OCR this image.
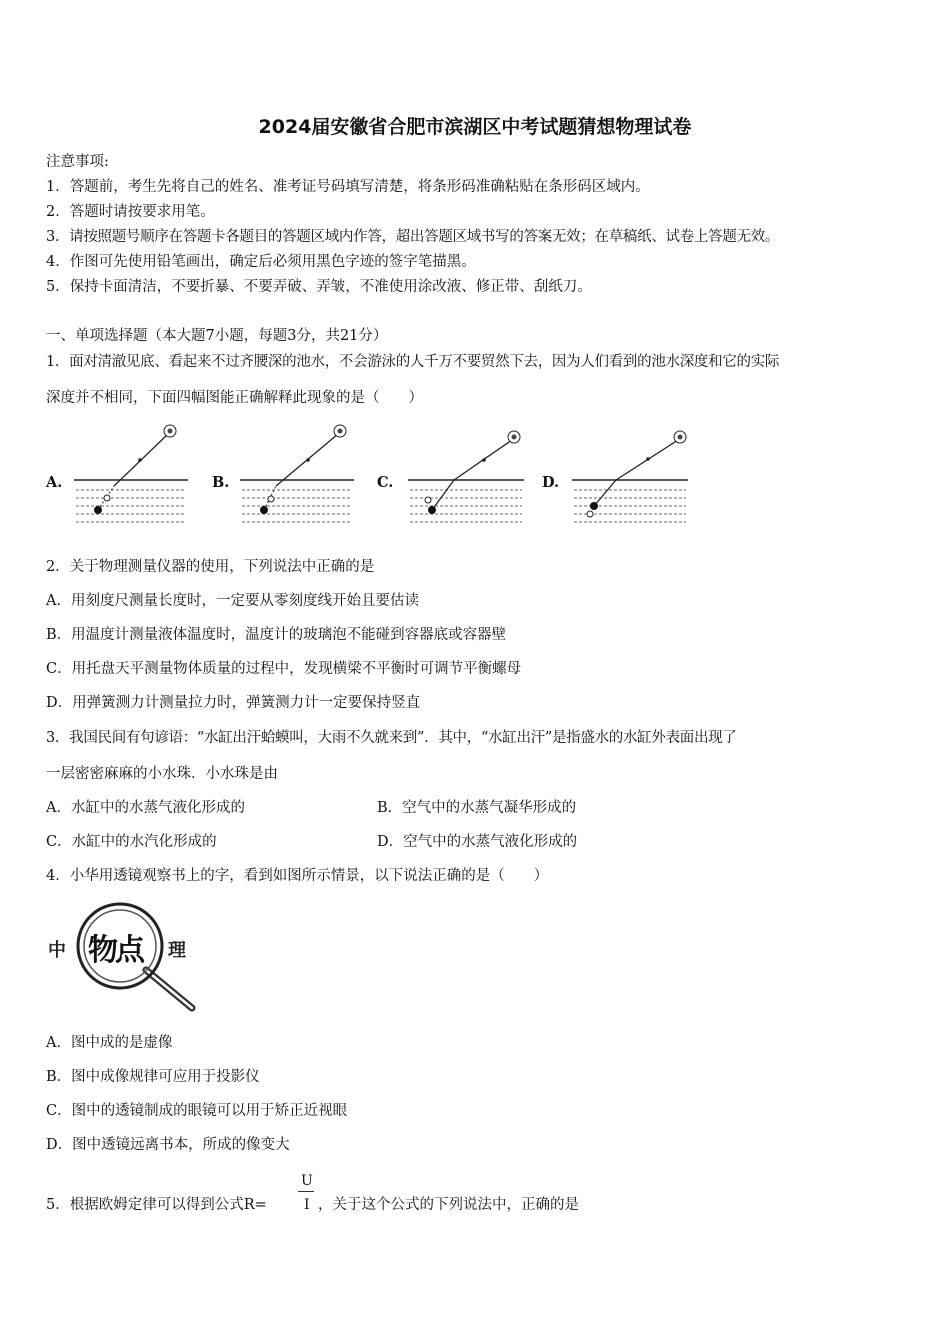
2024届安徽省合肥市滨湖区中考试题猜想物理试卷
注意事项:
1．答题前，考生先将自己的姓名、准考证号码填写清楚，将条形码准确粘贴在条形码区域内。
2．答题时请按要求用笔。
3．请按照题号顺序在答题卡各题目的答题区域内作答，超出答题区域书写的答案无效；在草稿纸、试卷上答题无效。
4．作图可先使用铅笔画出，确定后必须用黑色字迹的签字笔描黑。
5．保持卡面清洁，不要折暴、不要弄破、弄皱，不准使用涂改液、修正带、刮纸刀。
一、单项选择题（本大题7小题，每题3分，共21分）
1．面对清澈见底、看起来不过齐腰深的池水，不会游泳的人千万不要贸然下去，因为人们看到的池水深度和它的实际
深度并不相同，下面四幅图能正确解释此现象的是（　　）
A.	B.	C.	D.
2．关于物理测量仪器的使用，下列说法中正确的是
A．用刻度尺测量长度时，一定要从零刻度线开始且要估读
B．用温度计测量液体温度时，温度计的玻璃泡不能碰到容器底或容器壁
C．用托盘天平测量物体质量的过程中，发现横梁不平衡时可调节平衡螺母
D．用弹簧测力计测量拉力时，弹簧测力计一定要保持竖直
3．我国民间有句谚语：“水缸出汗蛤蟆叫，大雨不久就来到”．其中，“水缸出汗”是指盛水的水缸外表面出现了
一层密密麻麻的小水珠．小水珠是由
A．水缸中的水蒸气液化形成的	B．空气中的水蒸气凝华形成的
C．水缸中的水汽化形成的	D．空气中的水蒸气液化形成的
4．小华用透镜观察书上的字，看到如图所示情景，以下说法正确的是（　　）
中 物点 理
A．图中成的是虚像
B．图中成像规律可应用于投影仪
C．图中的透镜制成的眼镜可以用于矫正近视眼
D．图中透镜远离书本，所成的像变大
5．根据欧姆定律可以得到公式R=
U
I ，关于这个公式的下列说法中，正确的是
